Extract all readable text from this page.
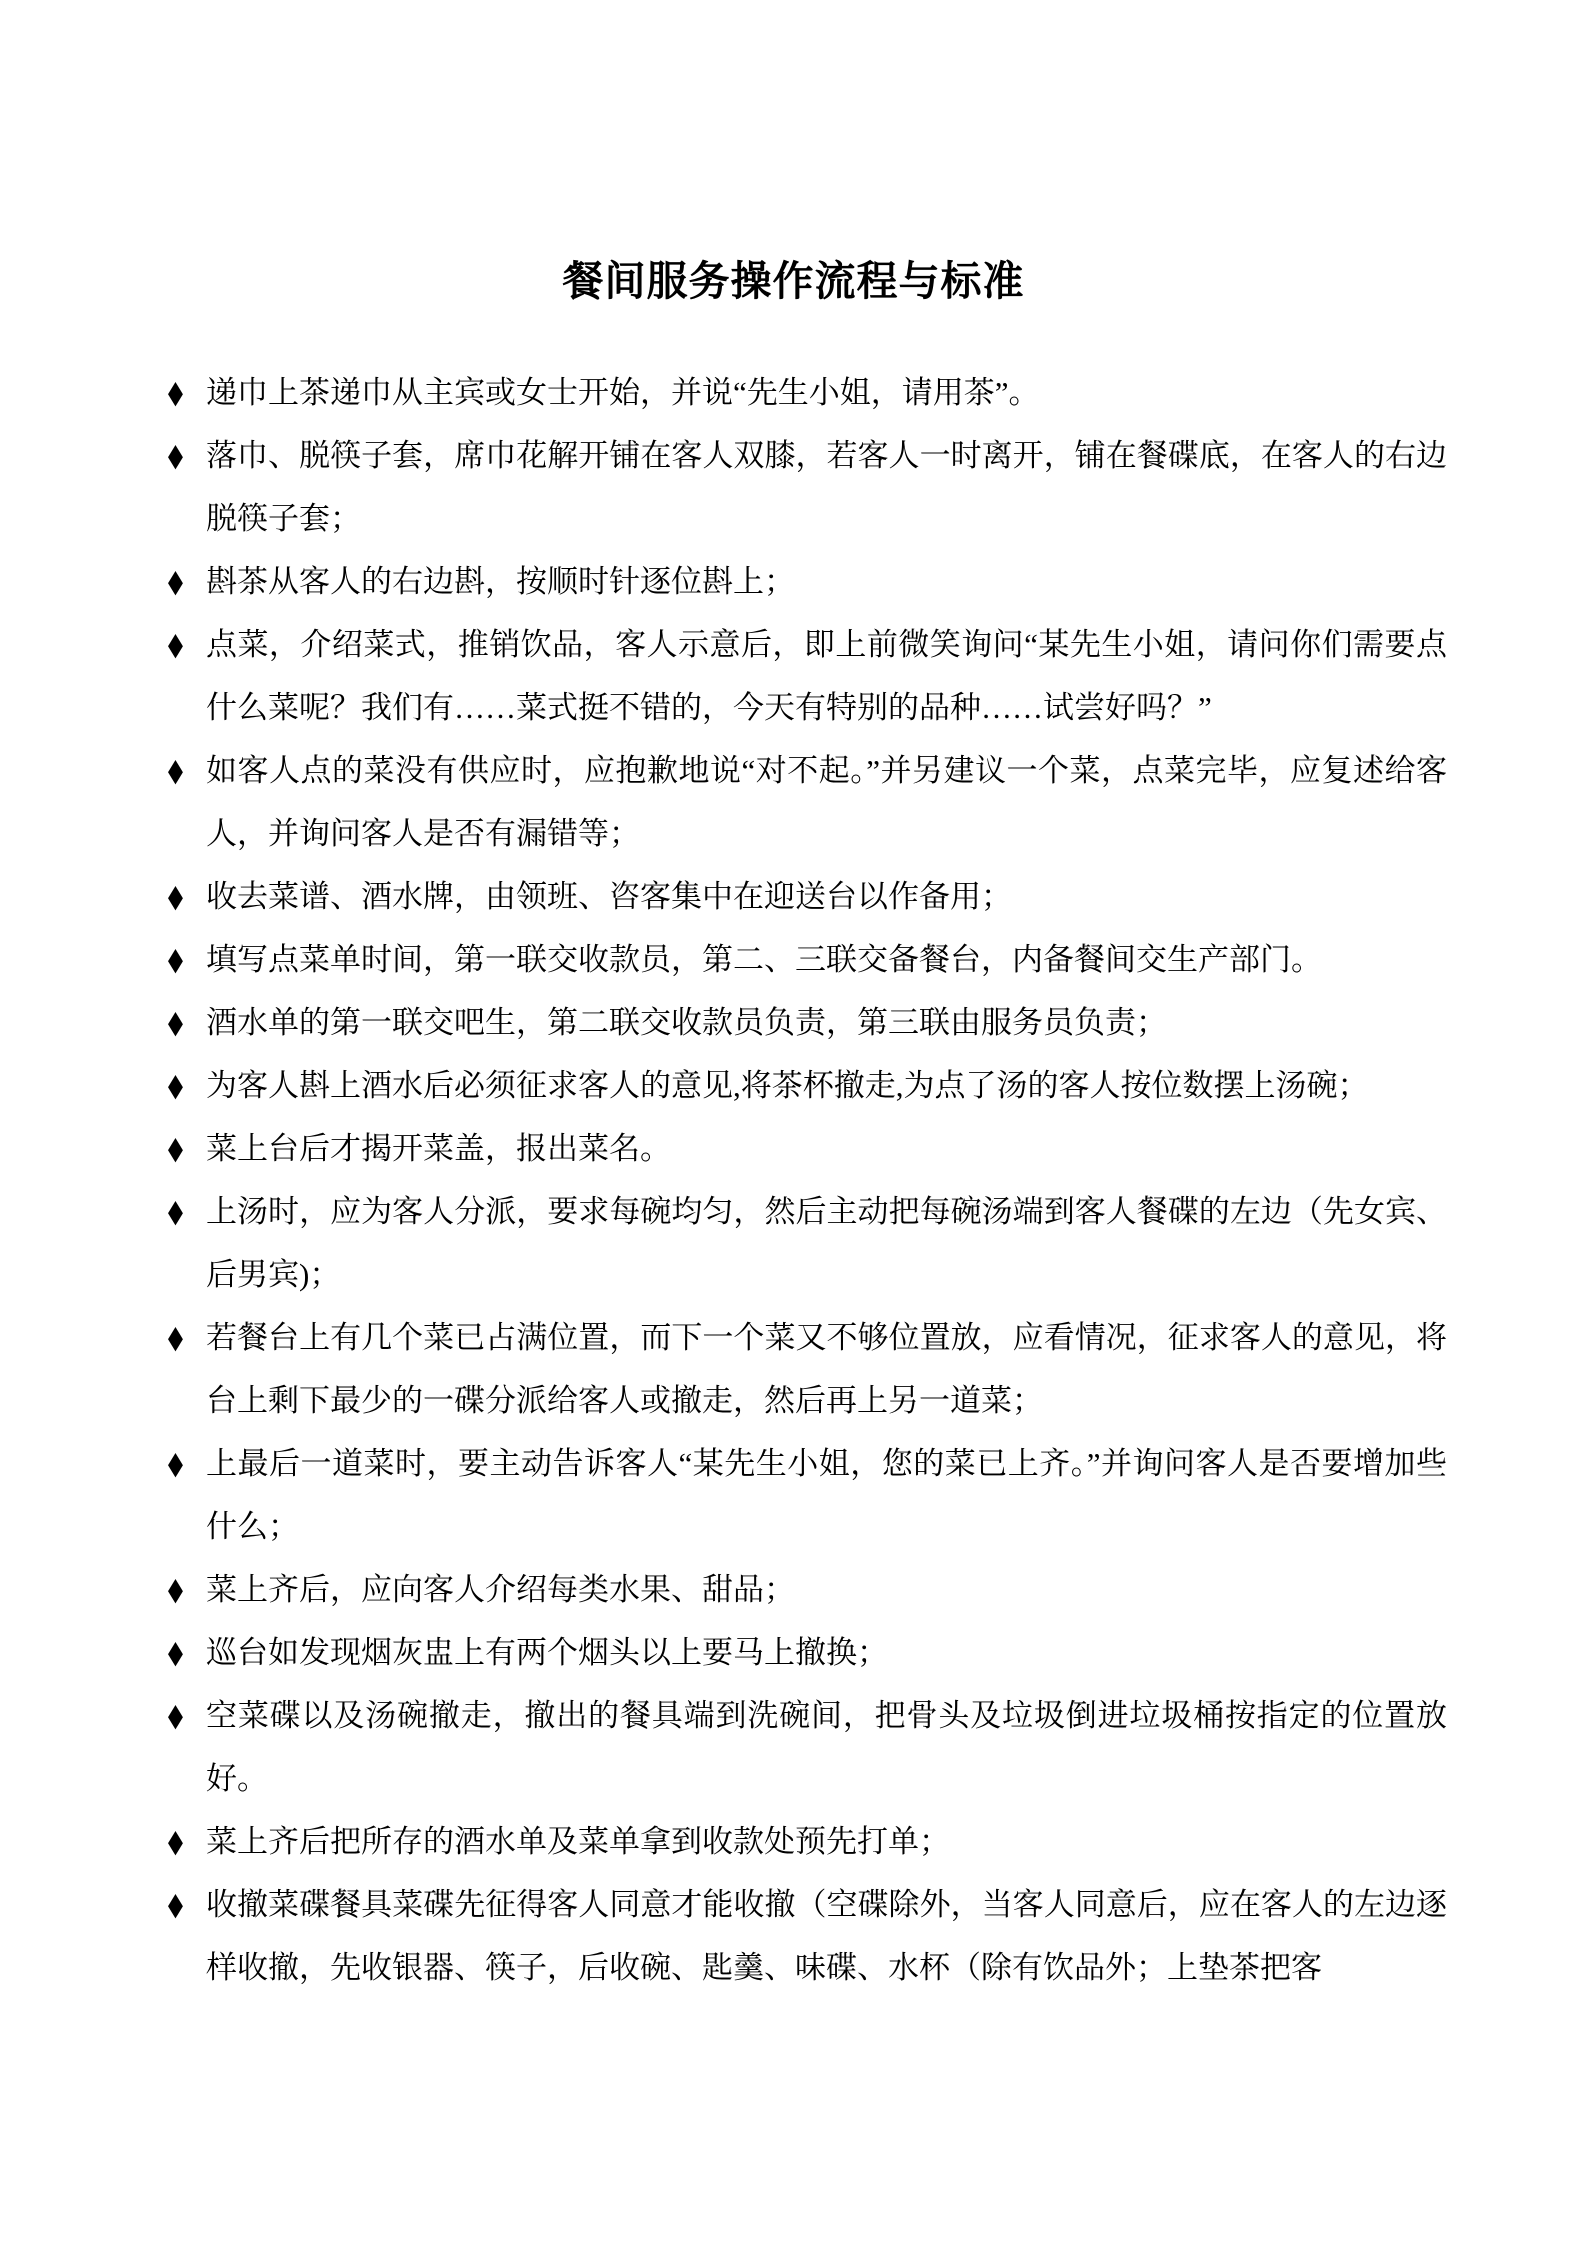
餐间服务操作流程与标准
◆ 递巾上茶递巾从主宾或女士开始，并说“先生小姐，请用茶”。
◆ 落巾、脱筷子套，席巾花解开铺在客人双膝，若客人一时离开，铺在餐碟底，在客人的右边脱筷子套；
◆ 斟茶从客人的右边斟，按顺时针逐位斟上；
◆ 点菜，介绍菜式，推销饮品，客人示意后，即上前微笑询问“某先生小姐，请问你们需要点什么菜呢？我们有……菜式挺不错的，今天有特别的品种……试尝好吗？”
◆ 如客人点的菜没有供应时，应抱歉地说“对不起。”并另建议一个菜，点菜完毕，应复述给客人，并询问客人是否有漏错等；
◆ 收去菜谱、酒水牌，由领班、咨客集中在迎送台以作备用；
◆ 填写点菜单时间，第一联交收款员，第二、三联交备餐台，内备餐间交生产部门。
◆ 酒水单的第一联交吧生，第二联交收款员负责，第三联由服务员负责；
◆ 为客人斟上酒水后必须征求客人的意见,将茶杯撤走,为点了汤的客人按位数摆上汤碗；
◆ 菜上台后才揭开菜盖，报出菜名。
◆ 上汤时，应为客人分派，要求每碗均匀，然后主动把每碗汤端到客人餐碟的左边（先女宾、后男宾)；
◆ 若餐台上有几个菜已占满位置，而下一个菜又不够位置放，应看情况，征求客人的意见，将台上剩下最少的一碟分派给客人或撤走，然后再上另一道菜；
◆ 上最后一道菜时，要主动告诉客人“某先生小姐，您的菜已上齐。”并询问客人是否要增加些什么；
◆ 菜上齐后，应向客人介绍每类水果、甜品；
◆ 巡台如发现烟灰盅上有两个烟头以上要马上撤换；
◆ 空菜碟以及汤碗撤走，撤出的餐具端到洗碗间，把骨头及垃圾倒进垃圾桶按指定的位置放好。
◆ 菜上齐后把所存的酒水单及菜单拿到收款处预先打单；
◆ 收撤菜碟餐具菜碟先征得客人同意才能收撤（空碟除外，当客人同意后，应在客人的左边逐样收撤，先收银器、筷子，后收碗、匙羹、味碟、水杯（除有饮品外；上垫茶把客
